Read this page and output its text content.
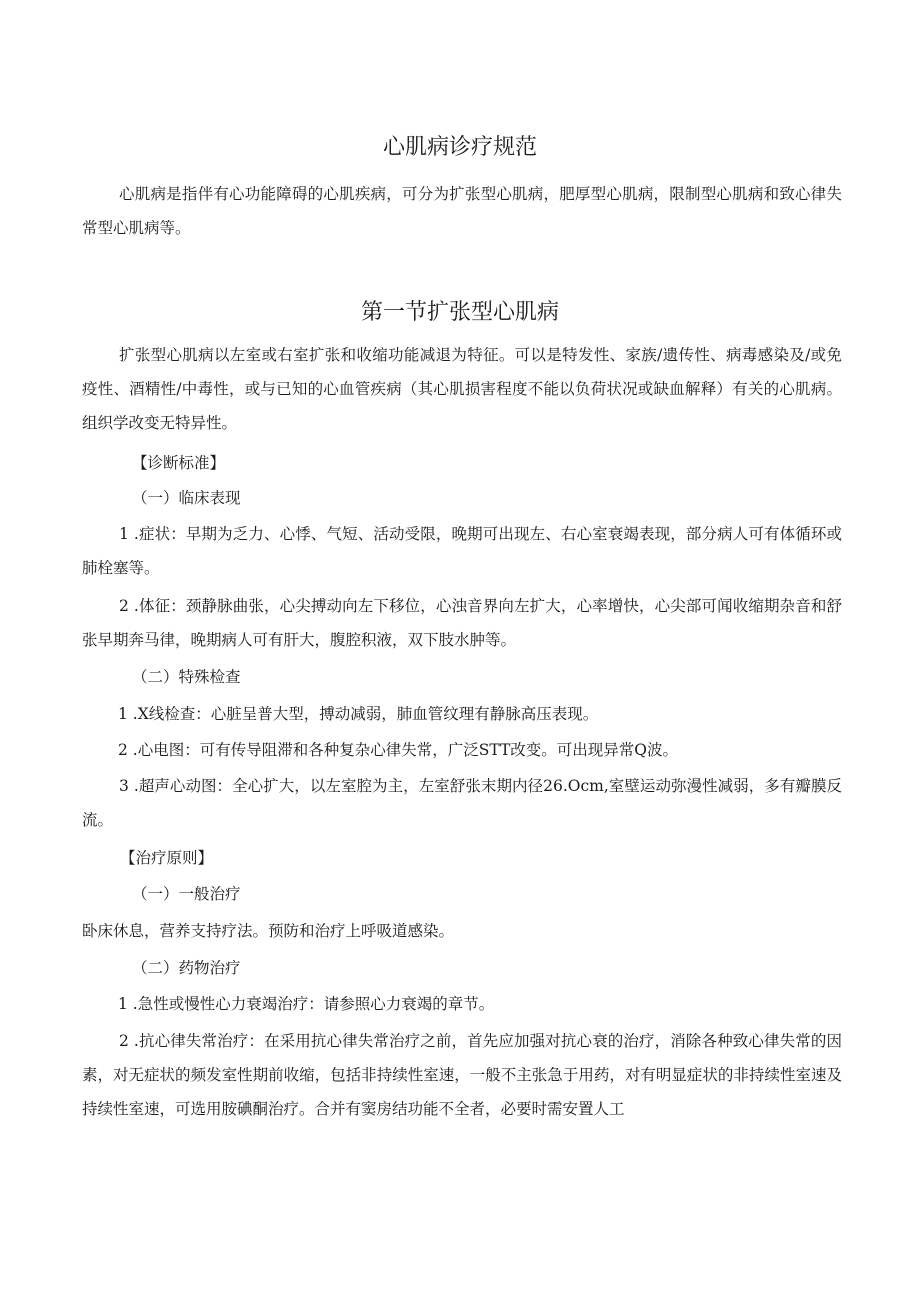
心肌病诊疗规范

心肌病是指伴有心功能障碍的心肌疾病，可分为扩张型心肌病，肥厚型心肌病，限制型心肌病和致心律失常型心肌病等。

第一节扩张型心肌病

扩张型心肌病以左室或右室扩张和收缩功能减退为特征。可以是特发性、家族/遗传性、病毒感染及/或免疫性、酒精性/中毒性，或与已知的心血管疾病（其心肌损害程度不能以负荷状况或缺血解释）有关的心肌病。组织学改变无特异性。

【诊断标准】

（一）临床表现

1 .症状：早期为乏力、心悸、气短、活动受限，晚期可出现左、右心室衰竭表现，部分病人可有体循环或肺栓塞等。

2 .体征：颈静脉曲张，心尖搏动向左下移位，心浊音界向左扩大，心率增快，心尖部可闻收缩期杂音和舒张早期奔马律，晚期病人可有肝大，腹腔积液，双下肢水肿等。

（二）特殊检查

1 .X线检查：心脏呈普大型，搏动减弱，肺血管纹理有静脉高压表现。

2 .心电图：可有传导阻滞和各种复杂心律失常，广泛STT改变。可出现异常Q波。

3 .超声心动图：全心扩大，以左室腔为主，左室舒张末期内径26.Ocm,室壁运动弥漫性减弱，多有瓣膜反流。

【治疗原则】

（一）一般治疗

卧床休息，营养支持疗法。预防和治疗上呼吸道感染。

（二）药物治疗

1 .急性或慢性心力衰竭治疗：请参照心力衰竭的章节。

2 .抗心律失常治疗：在采用抗心律失常治疗之前，首先应加强对抗心衰的治疗，消除各种致心律失常的因素，对无症状的频发室性期前收缩，包括非持续性室速，一般不主张急于用药，对有明显症状的非持续性室速及持续性室速，可选用胺碘酮治疗。合并有窦房结功能不全者，必要时需安置人工
